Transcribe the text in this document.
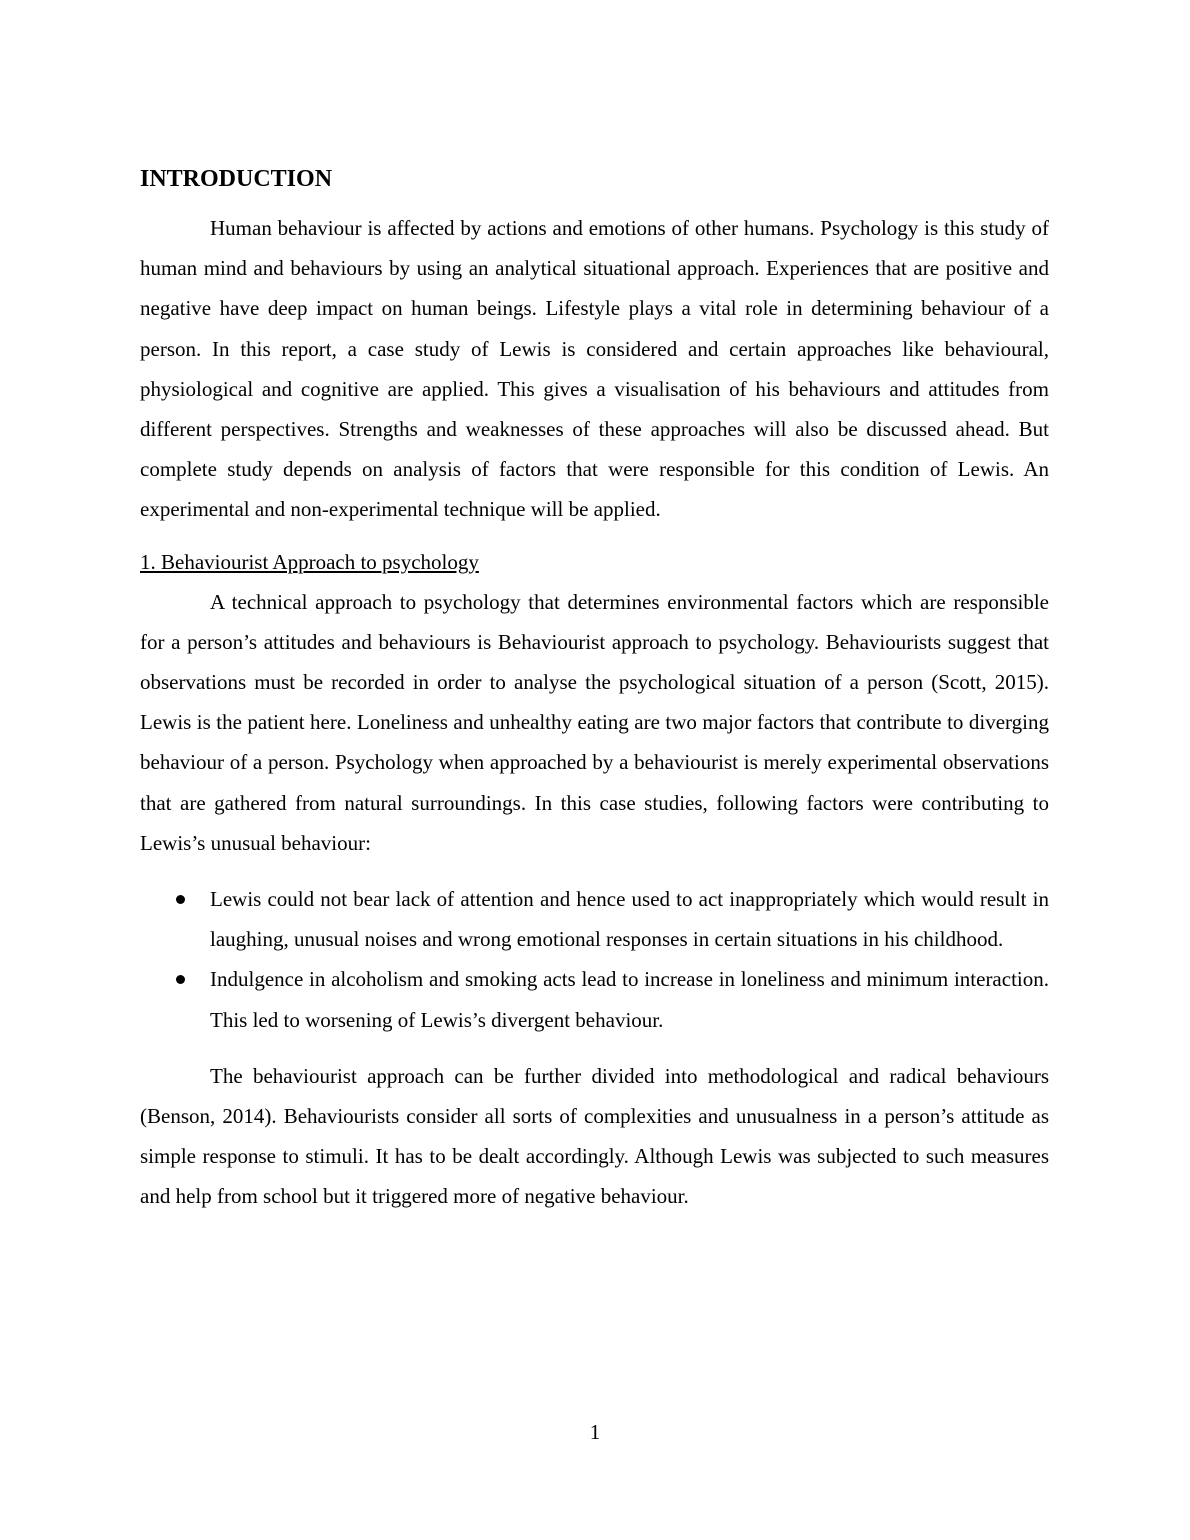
INTRODUCTION

Human behaviour is affected by actions and emotions of other humans. Psychology is this study of human mind and behaviours by using an analytical situational approach. Experiences that are positive and negative have deep impact on human beings. Lifestyle plays a vital role in determining behaviour of a person. In this report, a case study of Lewis is considered and certain approaches like behavioural, physiological and cognitive are applied. This gives a visualisation of his behaviours and attitudes from different perspectives. Strengths and weaknesses of these approaches will also be discussed ahead. But complete study depends on analysis of factors that were responsible for this condition of Lewis. An experimental and non-experimental technique will be applied.

1. Behaviourist Approach to psychology

A technical approach to psychology that determines environmental factors which are responsible for a person’s attitudes and behaviours is Behaviourist approach to psychology. Behaviourists suggest that observations must be recorded in order to analyse the psychological situation of a person (Scott, 2015). Lewis is the patient here. Loneliness and unhealthy eating are two major factors that contribute to diverging behaviour of a person. Psychology when approached by a behaviourist is merely experimental observations that are gathered from natural surroundings. In this case studies, following factors were contributing to Lewis’s unusual behaviour:

Lewis could not bear lack of attention and hence used to act inappropriately which would result in laughing, unusual noises and wrong emotional responses in certain situations in his childhood.
Indulgence in alcoholism and smoking acts lead to increase in loneliness and minimum interaction. This led to worsening of Lewis’s divergent behaviour.

The behaviourist approach can be further divided into methodological and radical behaviours (Benson, 2014). Behaviourists consider all sorts of complexities and unusualness in a person’s attitude as simple response to stimuli. It has to be dealt accordingly. Although Lewis was subjected to such measures and help from school but it triggered more of negative behaviour.

1
